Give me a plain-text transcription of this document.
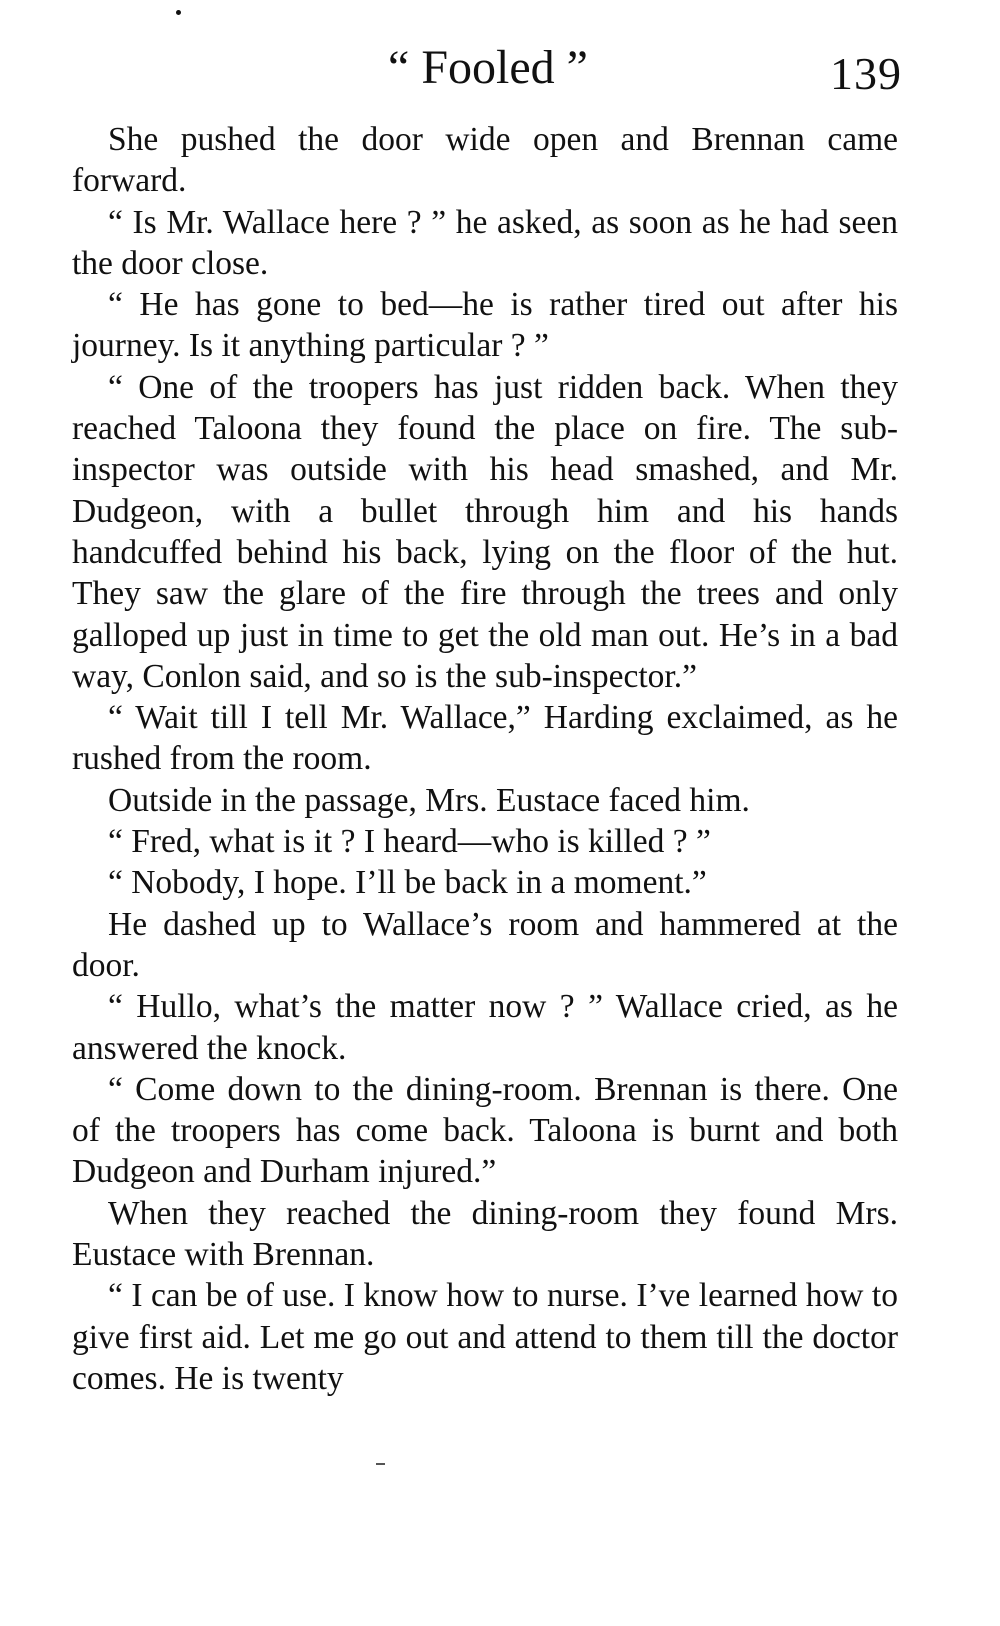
“ Fooled ”	139

She pushed the door wide open and Brennan came forward.

“ Is Mr. Wallace here ? ” he asked, as soon as he had seen the door close.

“ He has gone to bed—he is rather tired out after his journey. Is it anything particular ? ”

“ One of the troopers has just ridden back. When they reached Taloona they found the place on fire. The sub-inspector was outside with his head smashed, and Mr. Dudgeon, with a bullet through him and his hands handcuffed behind his back, lying on the floor of the hut. They saw the glare of the fire through the trees and only galloped up just in time to get the old man out. He’s in a bad way, Conlon said, and so is the sub-inspector.”

“ Wait till I tell Mr. Wallace,” Harding exclaimed, as he rushed from the room.

Outside in the passage, Mrs. Eustace faced him.

“ Fred, what is it ? I heard—who is killed ? ”

“ Nobody, I hope. I’ll be back in a moment.”

He dashed up to Wallace’s room and hammered at the door.

“ Hullo, what’s the matter now ? ” Wallace cried, as he answered the knock.

“ Come down to the dining-room. Brennan is there. One of the troopers has come back. Taloona is burnt and both Dudgeon and Durham injured.”

When they reached the dining-room they found Mrs. Eustace with Brennan.

“ I can be of use. I know how to nurse. I’ve learned how to give first aid. Let me go out and attend to them till the doctor comes. He is twenty
